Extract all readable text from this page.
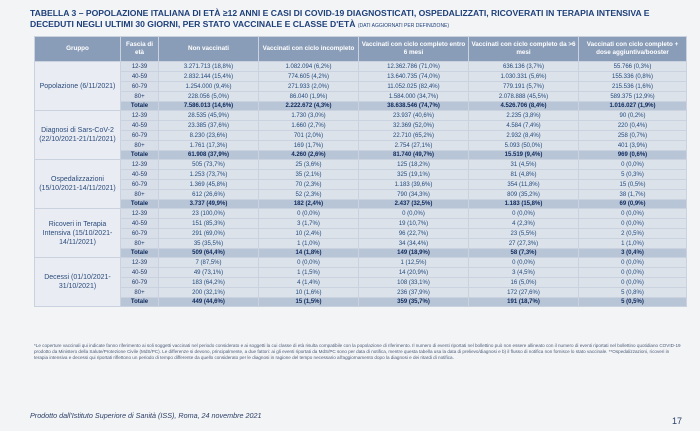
TABELLA 3 – POPOLAZIONE ITALIANA DI ETÀ ≥12 ANNI E CASI DI COVID-19 DIAGNOSTICATI, OSPEDALIZZATI, RICOVERATI IN TERAPIA INTENSIVA E DECEDUTI NEGLI ULTIMI 30 GIORNI, PER STATO VACCINALE E CLASSE D'ETÀ (DATI AGGIORNATI PER DEFINIZIONE)
Gruppo	Fascia di età	Non vaccinati	Vaccinati con ciclo incompleto	Vaccinati con ciclo completo entro 6 mesi	Vaccinati con ciclo completo da >6 mesi	Vaccinati con ciclo completo + dose aggiuntiva/booster
Popolazione (6/11/2021)	12-39	3.271.713 (18,8%)	1.082.094 (6,2%)	12.362.786 (71,0%)	636.136 (3,7%)	55.766 (0,3%)
	40-59	2.832.144 (15,4%)	774.605 (4,2%)	13.640.735 (74,0%)	1.030.331 (5,6%)	155.336 (0,8%)
	60-79	1.254.000 (9,4%)	271.933 (2,0%)	11.052.025 (82,4%)	779.191 (5,7%)	215.536 (1,6%)
	80+	228.056 (5,0%)	86.040 (1,9%)	1.584.000 (34,7%)	2.078.888 (45,5%)	589.375 (12,9%)
	Totale	7.586.013 (14,6%)	2.222.672 (4,3%)	38.638.546 (74,7%)	4.526.706 (8,4%)	1.016.027 (1,9%)
Diagnosi di Sars-CoV-2 (22/10/2021-21/11/2021)	12-39	28.535 (45,9%)	1.730 (3,0%)	23.937 (40,6%)	2.235 (3,8%)	90 (0,2%)
	40-59	23.385 (37,6%)	1.660 (2,7%)	32.369 (52,0%)	4.584 (7,4%)	220 (0,4%)
	60-79	8.230 (23,6%)	701 (2,0%)	22.710 (65,2%)	2.932 (8,4%)	258 (0,7%)
	80+	1.761 (17,3%)	169 (1,7%)	2.754 (27,1%)	5.093 (50,0%)	401 (3,9%)
	Totale	61.908 (37,9%)	4.260 (2,6%)	81.740 (49,7%)	15.519 (9,4%)	969 (0,6%)
Ospedalizzazioni (15/10/2021-14/11/2021)	12-39	505 (73,7%)	25 (3,6%)	125 (18,2%)	31 (4,5%)	0 (0,0%)
	40-59	1.253 (73,7%)	35 (2,1%)	325 (19,1%)	81 (4,8%)	5 (0,3%)
	60-79	1.369 (45,8%)	70 (2,3%)	1.183 (39,6%)	354 (11,8%)	15 (0,5%)
	80+	612 (26,6%)	52 (2,3%)	790 (34,3%)	809 (35,2%)	38 (1,7%)
	Totale	3.737 (49,9%)	182 (2,4%)	2.437 (32,5%)	1.183 (15,8%)	69 (0,9%)
Ricoveri in Terapia Intensiva (15/10/2021-14/11/2021)	12-39	23 (100,0%)	0 (0,0%)	0 (0,0%)	0 (0,0%)	0 (0,0%)
	40-59	151 (85,3%)	3 (1,7%)	19 (10,7%)	4 (2,3%)	0 (0,0%)
	60-79	291 (69,0%)	10 (2,4%)	96 (22,7%)	23 (5,5%)	2 (0,5%)
	80+	35 (35,5%)	1 (1,0%)	34 (34,4%)	27 (27,3%)	1 (1,0%)
	Totale	509 (64,4%)	14 (1,8%)	149 (18,9%)	58 (7,3%)	3 (0,4%)
Decessi (01/10/2021-31/10/2021)	12-39	7 (87,5%)	0 (0,0%)	1 (12,5%)	0 (0,0%)	0 (0,0%)
	40-59	49 (73,1%)	1 (1,5%)	14 (20,9%)	3 (4,5%)	0 (0,0%)
	60-79	183 (64,2%)	4 (1,4%)	108 (33,1%)	16 (5,0%)	0 (0,0%)
	80+	200 (32,1%)	10 (1,6%)	236 (37,9%)	172 (27,6%)	5 (0,8%)
	Totale	449 (44,6%)	15 (1,5%)	359 (35,7%)	191 (18,7%)	5 (0,5%)
*Le coperture vaccinali qui indicate fanno riferimento ai soli soggetti vaccinati nel periodo considerato e ai soggetti la cui classe di età risulta compatibile con la popolazione di riferimento. Il numero di eventi riportati nel bollettino può non essere allineato con il numero di eventi riportati nel bollettino quotidiano COVID-19 prodotto da Ministero della Salute/Protezione Civile (MdS/PC). Le differenze si devono, principalmente, a due fattori: ai gli eventi riportati da MdS/PC sono per data di notifica, mentre questa tabella usa la data di prelievo/diagnosi e b) il flusso di notifica non fornisce lo stato vaccinale. **Ospedalizzazioni, ricoveri in terapia intensiva e decessi qui riportati riflettono un periodo di tempo differente da quello considerato per le diagnosi in ragione del tempo necessario all'aggiornamento dopo la diagnosi e dei ritardi di notifica.
Prodotto dall'Istituto Superiore di Sanità (ISS), Roma, 24 novembre 2021
17
